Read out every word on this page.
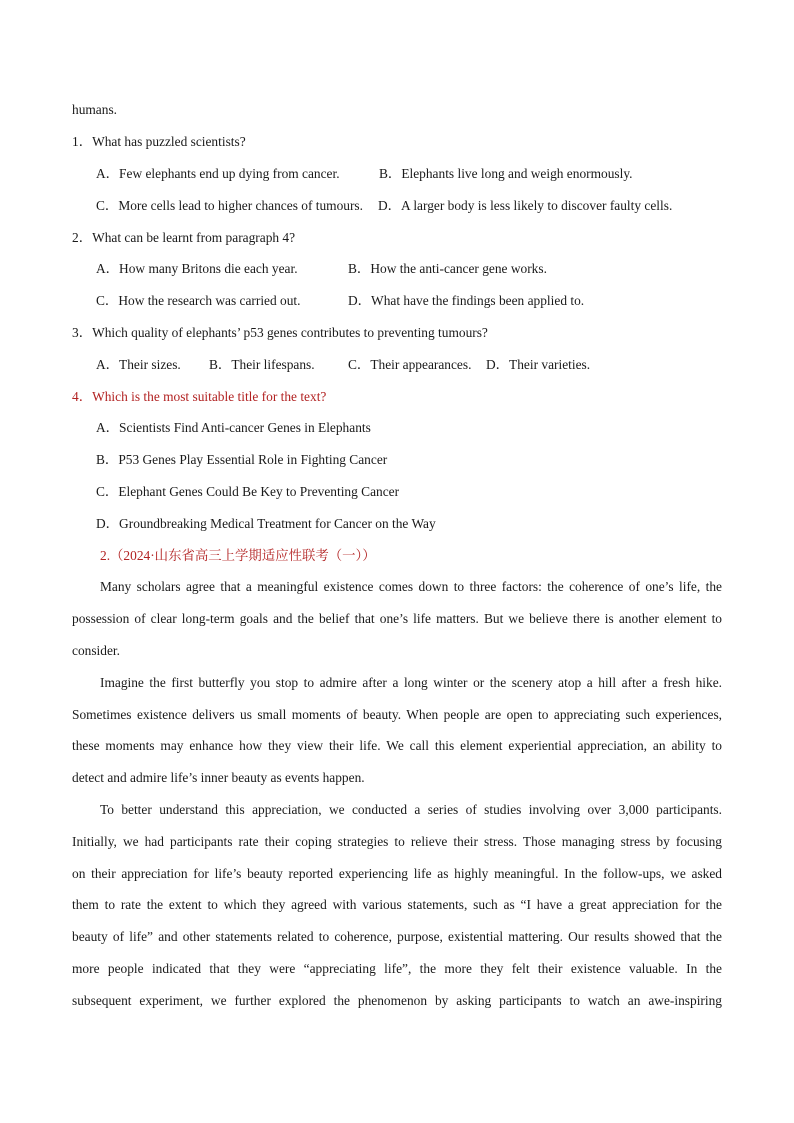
humans.
1．What has puzzled scientists?
A．Few elephants end up dying from cancer.	B．Elephants live long and weigh enormously.
C．More cells lead to higher chances of tumours. D．A larger body is less likely to discover faulty cells.
2．What can be learnt from paragraph 4?
A．How many Britons die each year.	B．How the anti-cancer gene works.
C．How the research was carried out.	D．What have the findings been applied to.
3．Which quality of elephants’ p53 genes contributes to preventing tumours?
A．Their sizes. B．Their lifespans. C．Their appearances. D．Their varieties.
4．Which is the most suitable title for the text?
A．Scientists Find Anti-cancer Genes in Elephants
B．P53 Genes Play Essential Role in Fighting Cancer
C．Elephant Genes Could Be Key to Preventing Cancer
D．Groundbreaking Medical Treatment for Cancer on the Way
2.（2024·山东省高三上学期适应性联考（一））
Many scholars agree that a meaningful existence comes down to three factors: the coherence of one’s life, the
possession of clear long-term goals and the belief that one’s life matters. But we believe there is another element to
consider.
Imagine the first butterfly you stop to admire after a long winter or the scenery atop a hill after a fresh hike.
Sometimes existence delivers us small moments of beauty. When people are open to appreciating such experiences,
these moments may enhance how they view their life. We call this element experiential appreciation, an ability to
detect and admire life’s inner beauty as events happen.
To better understand this appreciation, we conducted a series of studies involving over 3,000 participants.
Initially, we had participants rate their coping strategies to relieve their stress. Those managing stress by focusing
on their appreciation for life’s beauty reported experiencing life as highly meaningful. In the follow-ups, we asked
them to rate the extent to which they agreed with various statements, such as “I have a great appreciation for the
beauty of life” and other statements related to coherence, purpose, existential mattering. Our results showed that the
more people indicated that they were “appreciating life”, the more they felt their existence valuable. In the
subsequent experiment, we further explored the phenomenon by asking participants to watch an awe-inspiring
